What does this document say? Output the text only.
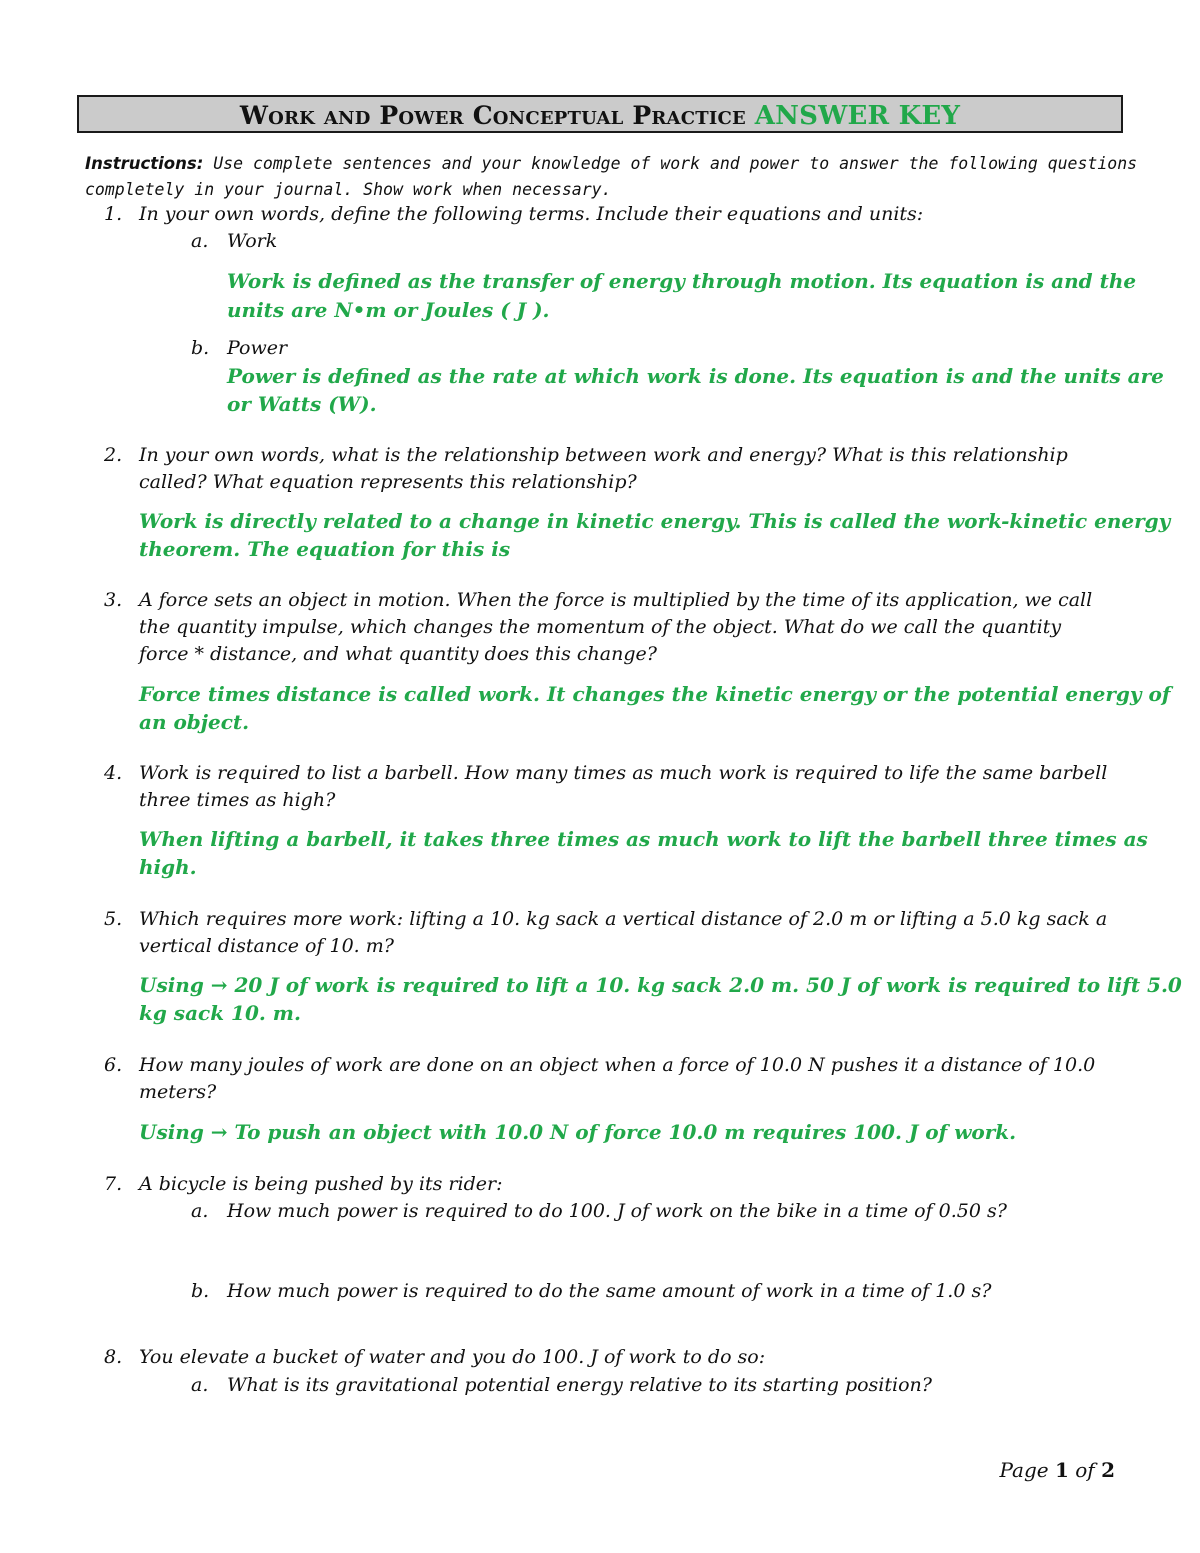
Work and Power Conceptual Practice ANSWER KEY
Instructions: Use complete sentences and your knowledge of work and power to answer the following questions
completely in your journal. Show work when necessary.
1. In your own words, define the following terms. Include their equations and units:
a. Work
Work is defined as the transfer of energy through motion. Its equation is and the
units are N•m or Joules ( J ).
b. Power
Power is defined as the rate at which work is done. Its equation is and the units are
or Watts (W).
2. In your own words, what is the relationship between work and energy? What is this relationship
called? What equation represents this relationship?
Work is directly related to a change in kinetic energy. This is called the work-kinetic energy
theorem. The equation for this is
3. A force sets an object in motion. When the force is multiplied by the time of its application, we call
the quantity impulse, which changes the momentum of the object. What do we call the quantity
force * distance, and what quantity does this change?
Force times distance is called work. It changes the kinetic energy or the potential energy of
an object.
4. Work is required to list a barbell. How many times as much work is required to life the same barbell
three times as high?
When lifting a barbell, it takes three times as much work to lift the barbell three times as
high.
5. Which requires more work: lifting a 10. kg sack a vertical distance of 2.0 m or lifting a 5.0 kg sack a
vertical distance of 10. m?
Using → 20 J of work is required to lift a 10. kg sack 2.0 m. 50 J of work is required to lift 5.0
kg sack 10. m.
6. How many joules of work are done on an object when a force of 10.0 N pushes it a distance of 10.0
meters?
Using → To push an object with 10.0 N of force 10.0 m requires 100. J of work.
7. A bicycle is being pushed by its rider:
a. How much power is required to do 100. J of work on the bike in a time of 0.50 s?
b. How much power is required to do the same amount of work in a time of 1.0 s?
8. You elevate a bucket of water and you do 100. J of work to do so:
a. What is its gravitational potential energy relative to its starting position?
Page 1 of 2
